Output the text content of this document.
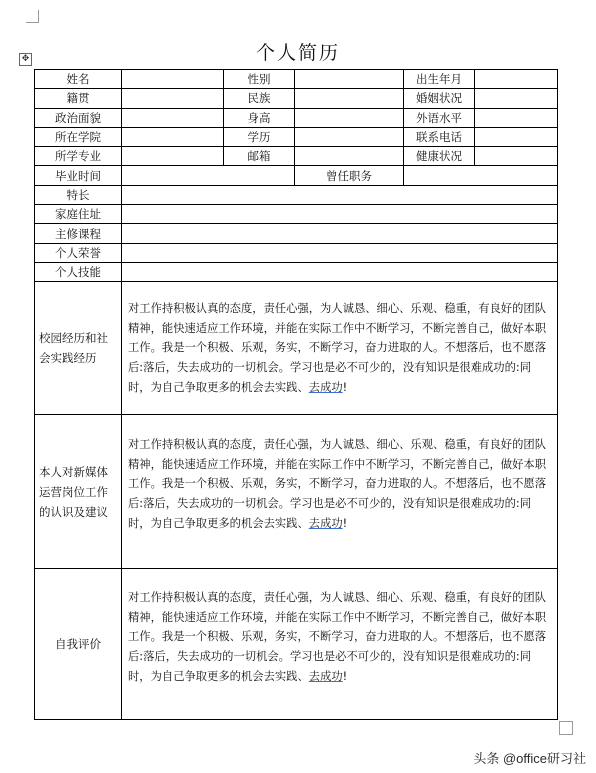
✥	个人简历
姓名		性别		出生年月	
籍贯		民族		婚姻状况	
政治面貌		身高		外语水平	
所在学院		学历		联系电话	
所学专业		邮箱		健康状况	
毕业时间			曾任职务		
特长					
家庭住址					
主修课程					
个人荣誉					
个人技能					
校园经历和社会实践经历	对工作持积极认真的态度，责任心强，为人诚恳、细心、乐观、稳重，有良好的团队精神，能快速适应工作环境，并能在实际工作中不断学习，不断完善自己，做好本职工作。我是一个积极、乐观，务实，不断学习，奋力进取的人。不想落后，也不愿落后:落后，失去成功的一切机会。学习也是必不可少的，没有知识是很难成功的:同时，为自己争取更多的机会去实践、去成功!				
本人对新媒体运营岗位工作的认识及建议	对工作持积极认真的态度，责任心强，为人诚恳、细心、乐观、稳重，有良好的团队精神，能快速适应工作环境，并能在实际工作中不断学习，不断完善自己，做好本职工作。我是一个积极、乐观，务实，不断学习，奋力进取的人。不想落后，也不愿落后:落后，失去成功的一切机会。学习也是必不可少的，没有知识是很难成功的:同时，为自己争取更多的机会去实践、去成功!				
自我评价	对工作持积极认真的态度，责任心强，为人诚恳、细心、乐观、稳重，有良好的团队精神，能快速适应工作环境，并能在实际工作中不断学习，不断完善自己，做好本职工作。我是一个积极、乐观，务实，不断学习，奋力进取的人。不想落后，也不愿落后:落后，失去成功的一切机会。学习也是必不可少的，没有知识是很难成功的:同时，为自己争取更多的机会去实践、去成功!				
头条 @office研习社
